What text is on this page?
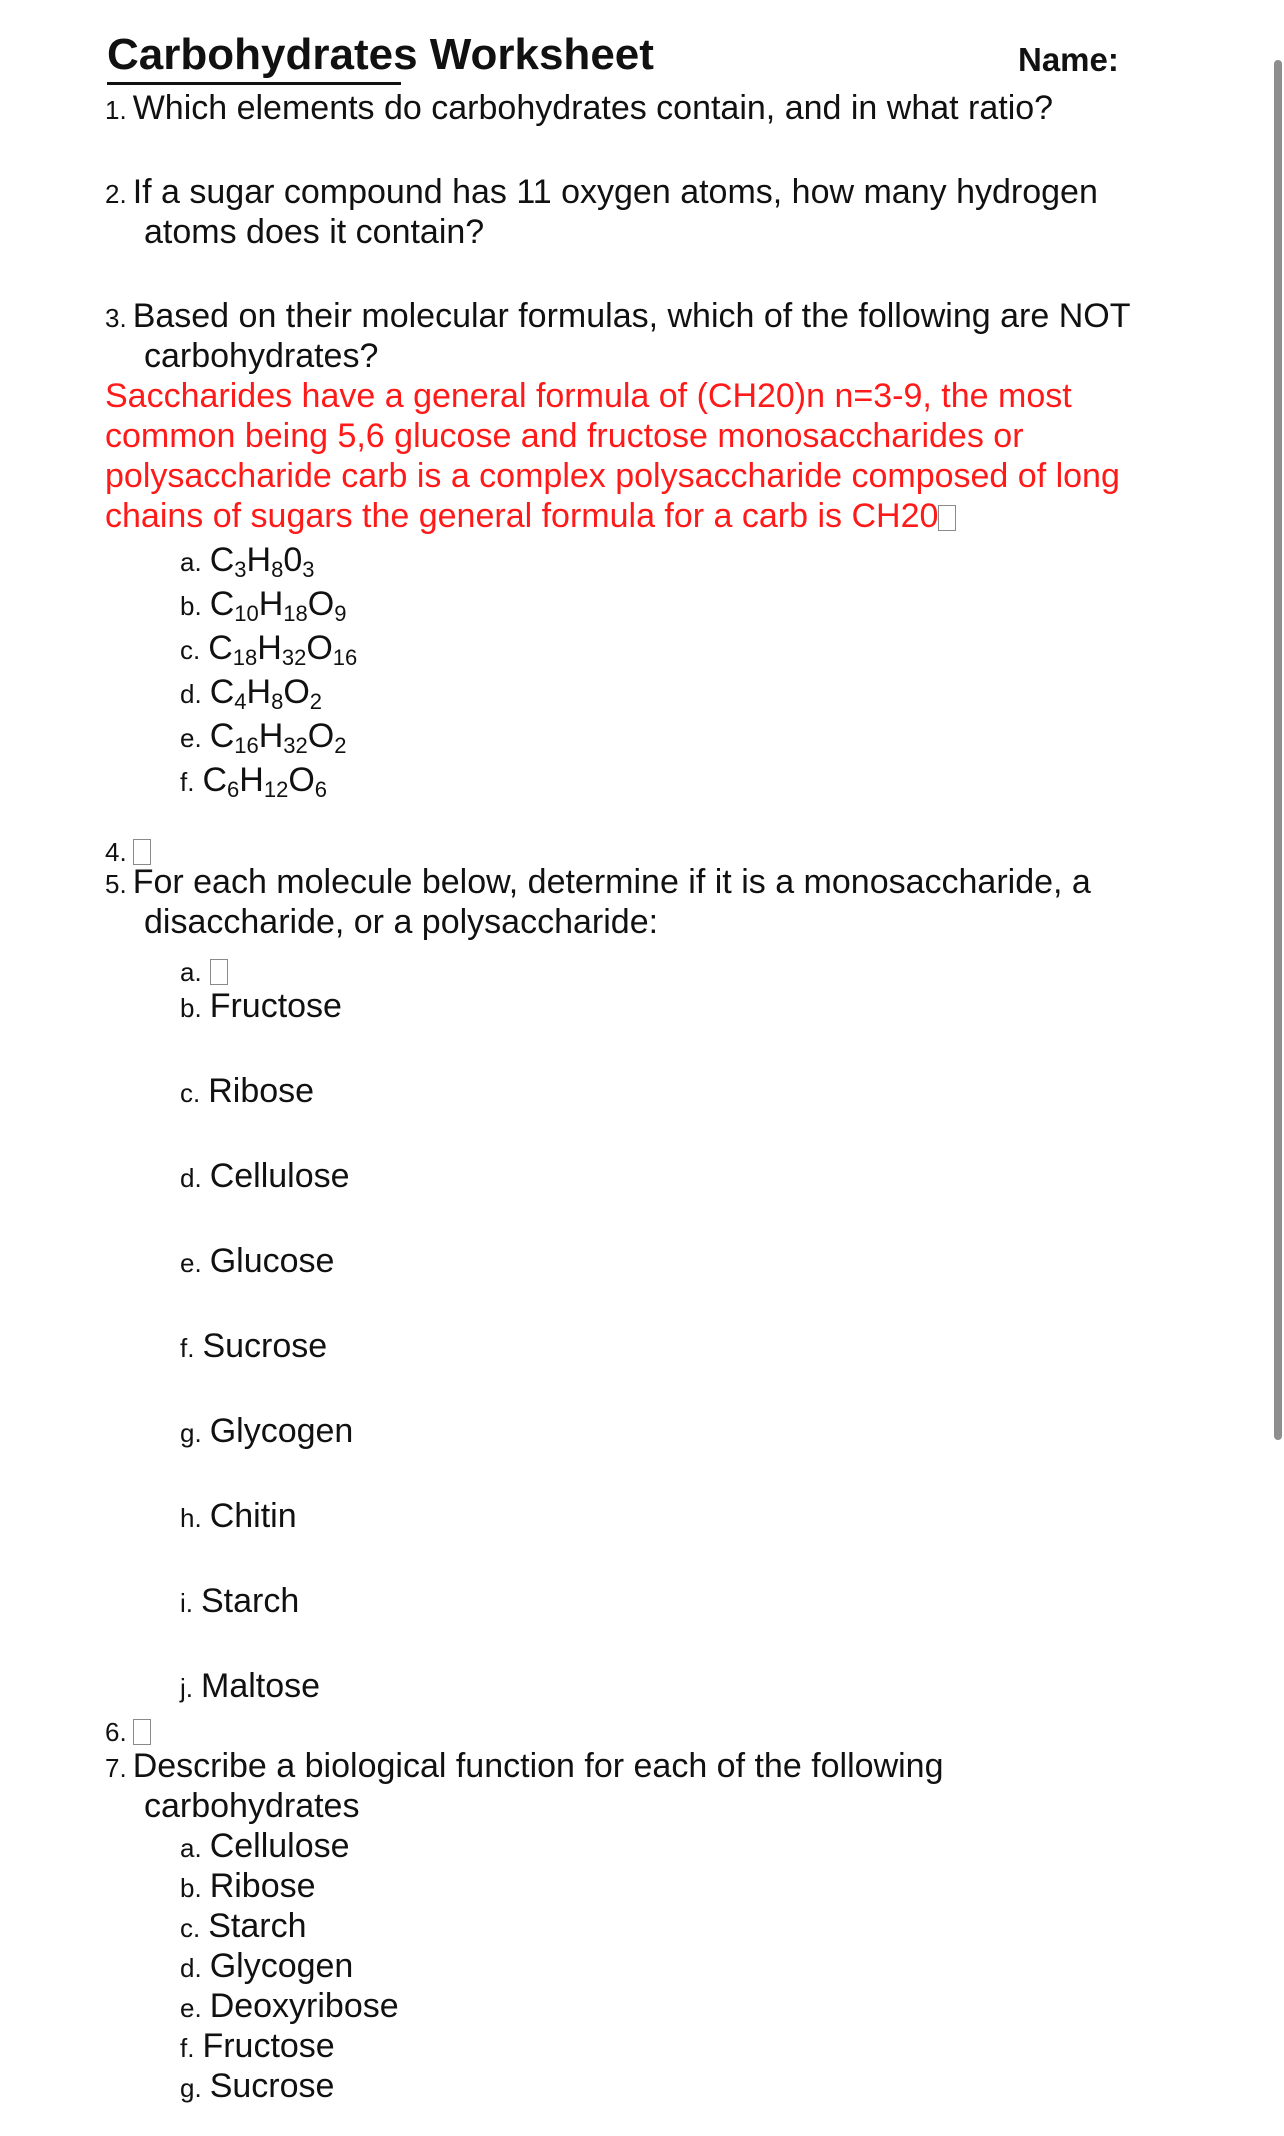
Carbohydrates Worksheet	Name:
1. Which elements do carbohydrates contain, and in what ratio?
2. If a sugar compound has 11 oxygen atoms, how many hydrogen
atoms does it contain?
3. Based on their molecular formulas, which of the following are NOT
carbohydrates?
Saccharides have a general formula of (CH20)n n=3-9, the most
common being 5,6 glucose and fructose monosaccharides or
polysaccharide carb is a complex polysaccharide composed of long
chains of sugars the general formula for a carb is CH20
a. $C_3H_80_3$
b. $C_{10}H_{18}O_9$
c. $C_{18}H_{32}O_{16}$
d. $C_4H_8O_2$
e. $C_{16}H_{32}O_2$
f. $C_6H_{12}O_6$
4.
5. For each molecule below, determine if it is a monosaccharide, a
disaccharide, or a polysaccharide:
a.
b. Fructose
c. Ribose
d. Cellulose
e. Glucose
f. Sucrose
g. Glycogen
h. Chitin
i. Starch
j. Maltose
6.
7. Describe a biological function for each of the following
carbohydrates
a. Cellulose
b. Ribose
c. Starch
d. Glycogen
e. Deoxyribose
f. Fructose
g. Sucrose
